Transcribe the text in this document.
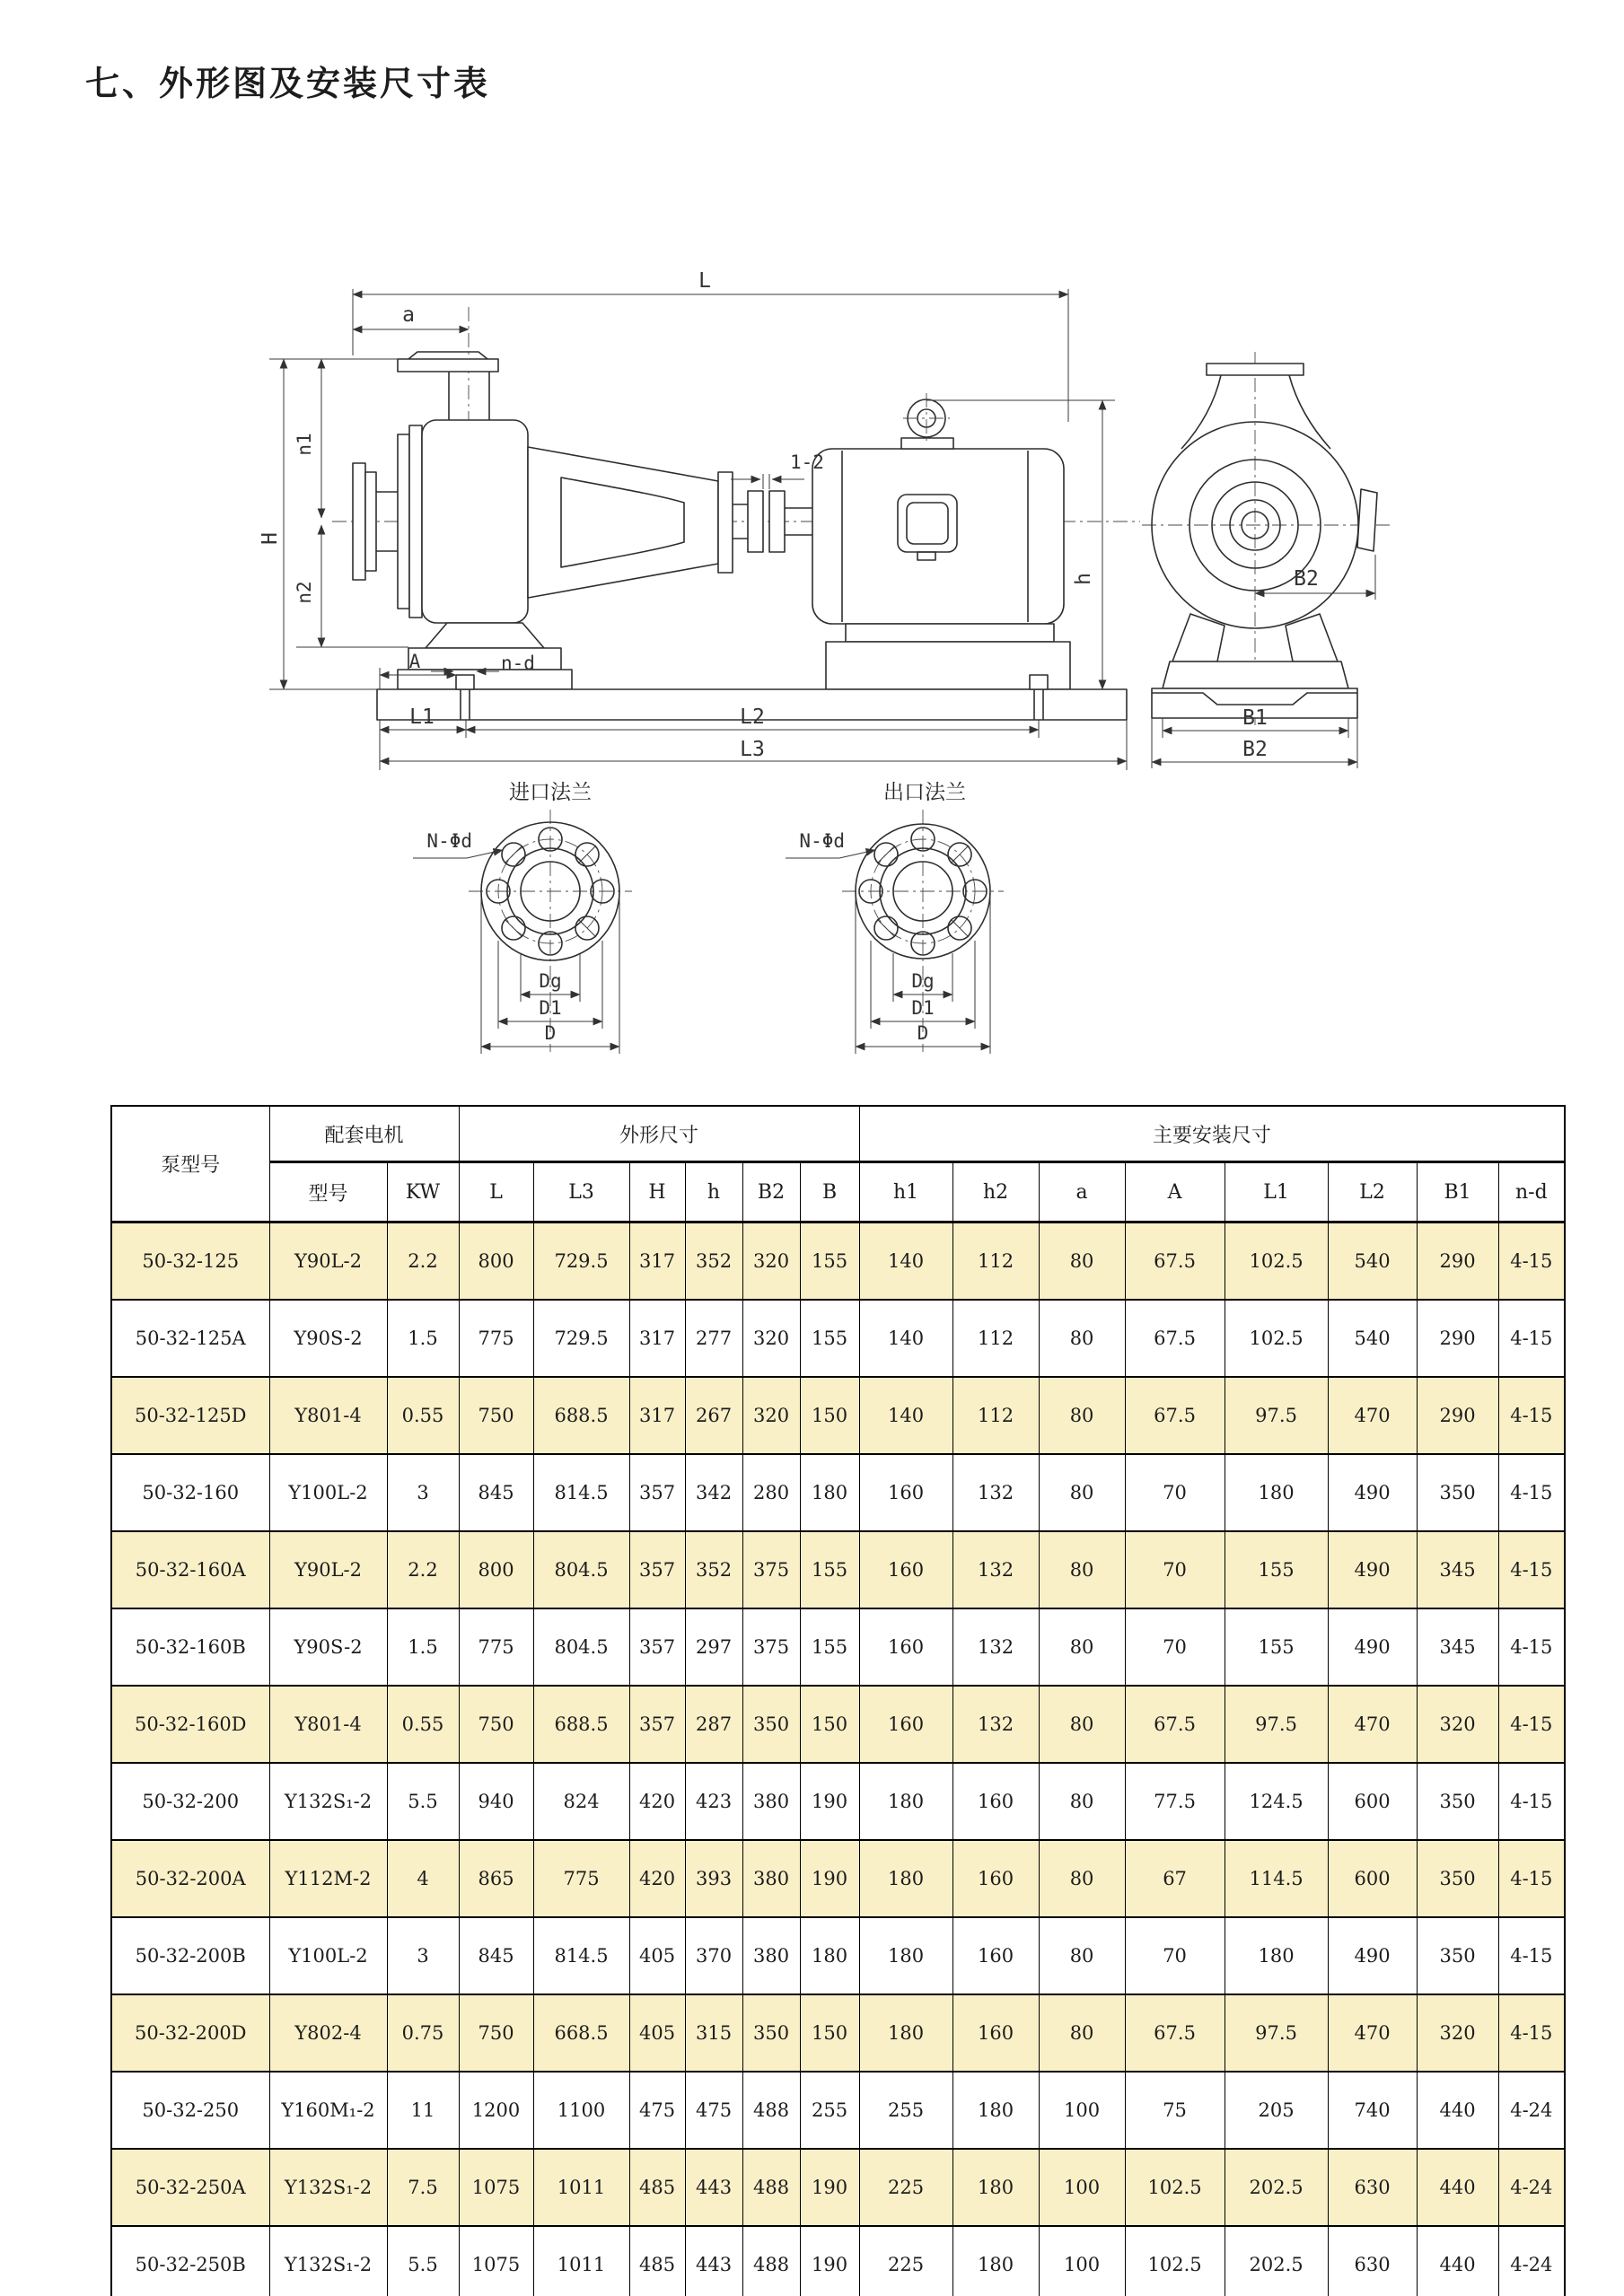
七、外形图及安装尺寸表
L
a
H
n1
n2
1-2
h
A	n-d
L1	L2
L3
B2
B1
B2
进口法兰
N-Φd
Dg
D1
D
出口法兰
N-Φd
Dg
D1
D
泵型号	配套电机		外形尺寸						主要安装尺寸							
	型号	KW	L	L3	H	h	B2	B	h1	h2	a	A	L1	L2	B1	n-d
50-32-125	Y90L-2	2.2	800	729.5	317	352	320	155	140	112	80	67.5	102.5	540	290	4-15
50-32-125A	Y90S-2	1.5	775	729.5	317	277	320	155	140	112	80	67.5	102.5	540	290	4-15
50-32-125D	Y801-4	0.55	750	688.5	317	267	320	150	140	112	80	67.5	97.5	470	290	4-15
50-32-160	Y100L-2	3	845	814.5	357	342	280	180	160	132	80	70	180	490	350	4-15
50-32-160A	Y90L-2	2.2	800	804.5	357	352	375	155	160	132	80	70	155	490	345	4-15
50-32-160B	Y90S-2	1.5	775	804.5	357	297	375	155	160	132	80	70	155	490	345	4-15
50-32-160D	Y801-4	0.55	750	688.5	357	287	350	150	160	132	80	67.5	97.5	470	320	4-15
50-32-200	Y132S₁-2	5.5	940	824	420	423	380	190	180	160	80	77.5	124.5	600	350	4-15
50-32-200A	Y112M-2	4	865	775	420	393	380	190	180	160	80	67	114.5	600	350	4-15
50-32-200B	Y100L-2	3	845	814.5	405	370	380	180	180	160	80	70	180	490	350	4-15
50-32-200D	Y802-4	0.75	750	668.5	405	315	350	150	180	160	80	67.5	97.5	470	320	4-15
50-32-250	Y160M₁-2	11	1200	1100	475	475	488	255	255	180	100	75	205	740	440	4-24
50-32-250A	Y132S₁-2	7.5	1075	1011	485	443	488	190	225	180	100	102.5	202.5	630	440	4-24
50-32-250B	Y132S₁-2	5.5	1075	1011	485	443	488	190	225	180	100	102.5	202.5	630	440	4-24
